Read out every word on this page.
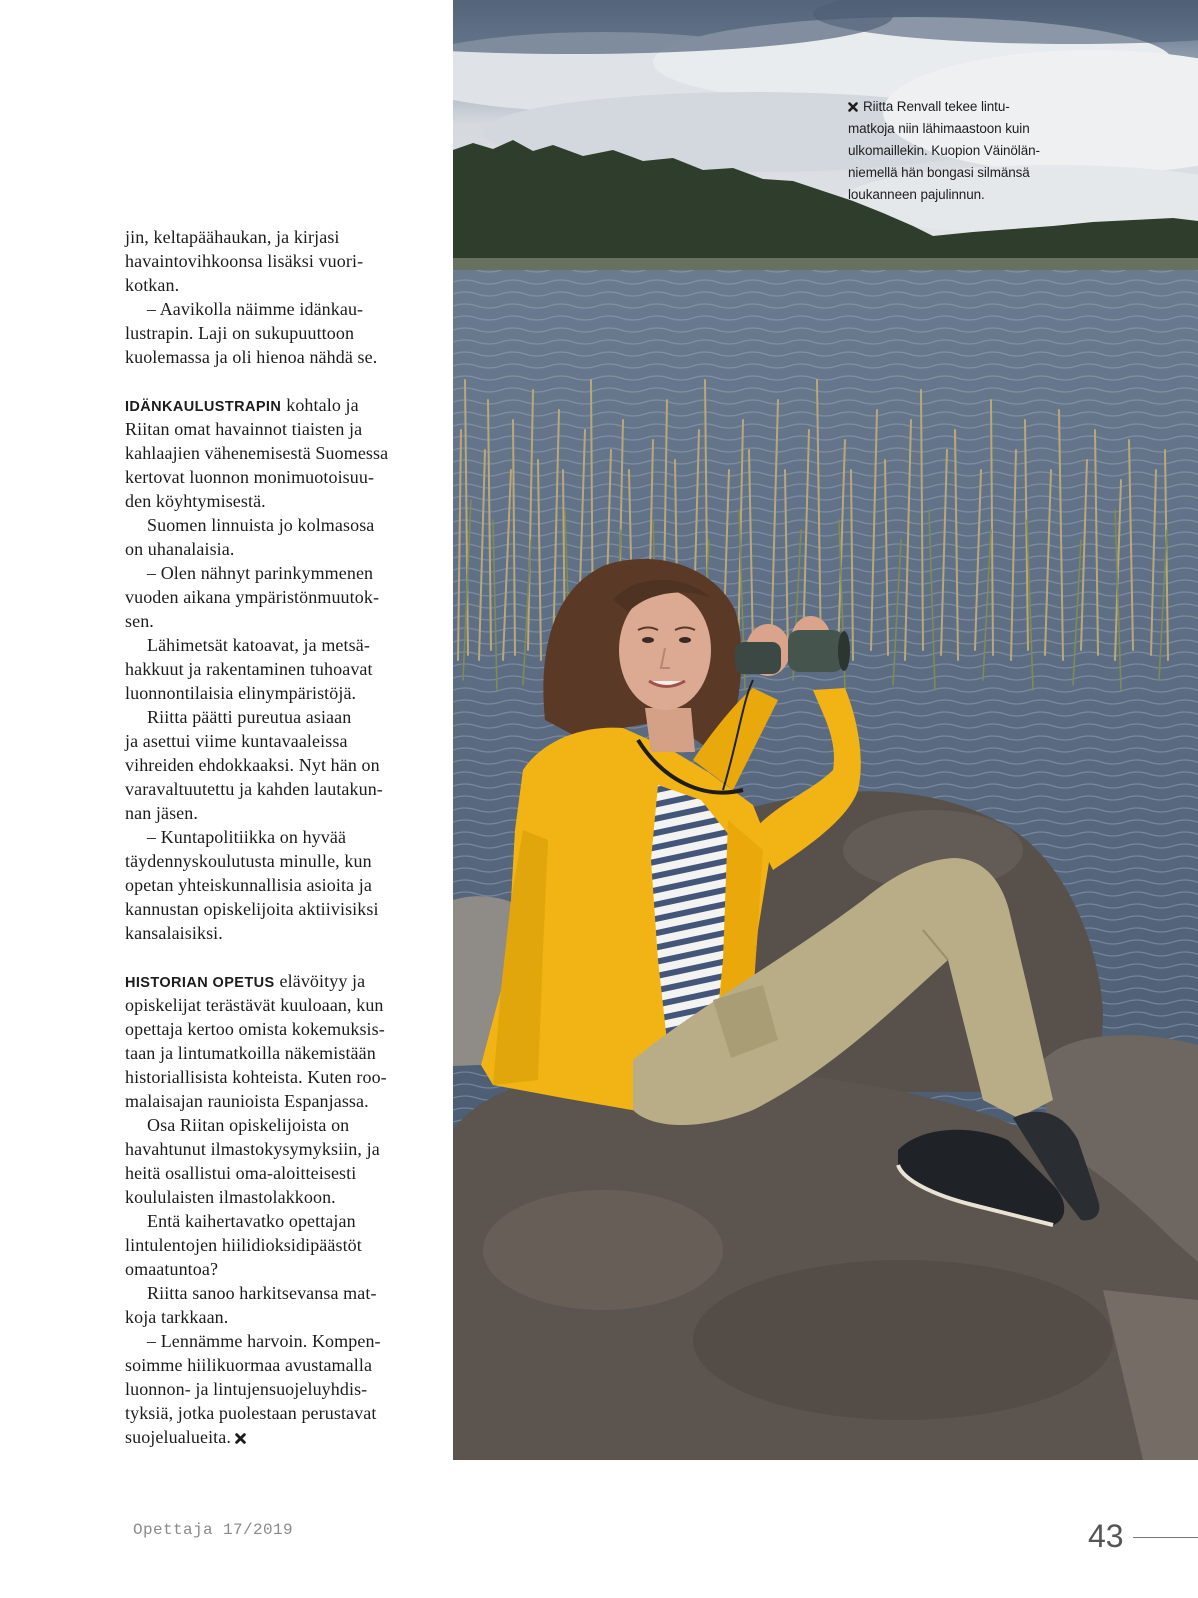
Riitta Renvall tekee lintu-
matkoja niin lähimaastoon kuin
ulkomaillekin. Kuopion Väinölän-
niemellä hän bongasi silmänsä
loukanneen pajulinnun.
jin, keltapäähaukan, ja kirjasi
havaintovihkoonsa lisäksi vuori-
kotkan.
– Aavikolla näimme idänkau-
lustrapin. Laji on sukupuuttoon
kuolemassa ja oli hienoa nähdä se.
IDÄNKAULUSTRAPIN kohtalo ja
Riitan omat havainnot tiaisten ja
kahlaajien vähenemisestä Suomessa
kertovat luonnon monimuotoisuu-
den köyhtymisestä.
Suomen linnuista jo kolmasosa
on uhanalaisia.
– Olen nähnyt parinkymmenen
vuoden aikana ympäristönmuutok-
sen.
Lähimetsät katoavat, ja metsä-
hakkuut ja rakentaminen tuhoavat
luonnontilaisia elinympäristöjä.
Riitta päätti pureutua asiaan
ja asettui viime kuntavaaleissa
vihreiden ehdokkaaksi. Nyt hän on
varavaltuutettu ja kahden lautakun-
nan jäsen.
– Kuntapolitiikka on hyvää
täydennyskoulutusta minulle, kun
opetan yhteiskunnallisia asioita ja
kannustan opiskelijoita aktiivisiksi
kansalaisiksi.
HISTORIAN OPETUS elävöityy ja
opiskelijat terästävät kuuloaan, kun
opettaja kertoo omista kokemuksis-
taan ja lintumatkoilla näkemistään
historiallisista kohteista. Kuten roo-
malaisajan raunioista Espanjassa.
Osa Riitan opiskelijoista on
havahtunut ilmastokysymyksiin, ja
heitä osallistui oma-aloitteisesti
koululaisten ilmastolakkoon.
Entä kaihertavatko opettajan
lintulentojen hiilidioksidipäästöt
omaatuntoa?
Riitta sanoo harkitsevansa mat-
koja tarkkaan.
– Lennämme harvoin. Kompen-
soimme hiilikuormaa avustamalla
luonnon- ja lintujensuojeluyhdis-
tyksiä, jotka puolestaan perustavat
suojelualueita.
Opettaja 17/2019	43
